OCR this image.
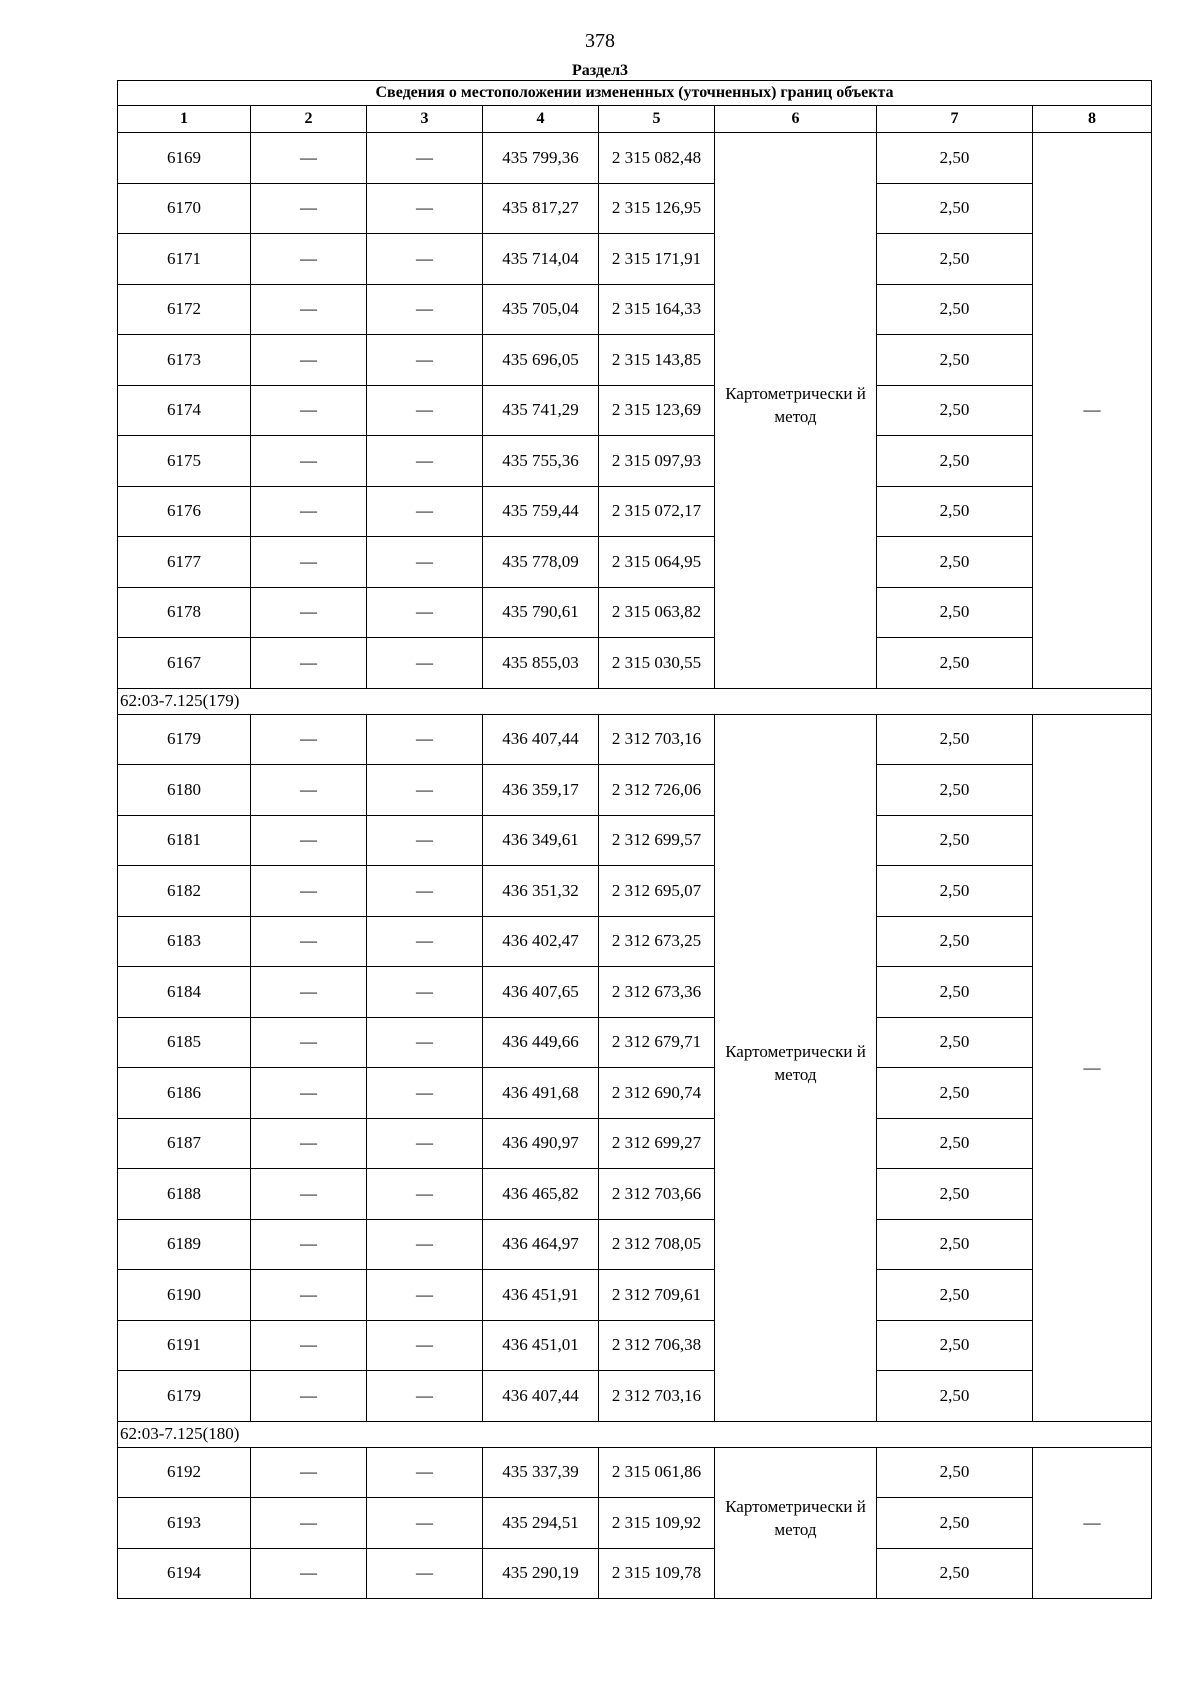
378
Раздел3
Сведения о местоположении измененных (уточненных) границ объекта							
1	2	3	4	5	6	7	8
6169	—	—	435 799,36	2 315 082,48	Картометрически й метод	2,50	—
6170	—	—	435 817,27	2 315 126,95		2,50	
6171	—	—	435 714,04	2 315 171,91		2,50	
6172	—	—	435 705,04	2 315 164,33		2,50	
6173	—	—	435 696,05	2 315 143,85		2,50	
6174	—	—	435 741,29	2 315 123,69		2,50	
6175	—	—	435 755,36	2 315 097,93		2,50	
6176	—	—	435 759,44	2 315 072,17		2,50	
6177	—	—	435 778,09	2 315 064,95		2,50	
6178	—	—	435 790,61	2 315 063,82		2,50	
6167	—	—	435 855,03	2 315 030,55		2,50	
62:03-7.125(179)							
6179	—	—	436 407,44	2 312 703,16	Картометрически й метод	2,50	—
6180	—	—	436 359,17	2 312 726,06		2,50	
6181	—	—	436 349,61	2 312 699,57		2,50	
6182	—	—	436 351,32	2 312 695,07		2,50	
6183	—	—	436 402,47	2 312 673,25		2,50	
6184	—	—	436 407,65	2 312 673,36		2,50	
6185	—	—	436 449,66	2 312 679,71		2,50	
6186	—	—	436 491,68	2 312 690,74		2,50	
6187	—	—	436 490,97	2 312 699,27		2,50	
6188	—	—	436 465,82	2 312 703,66		2,50	
6189	—	—	436 464,97	2 312 708,05		2,50	
6190	—	—	436 451,91	2 312 709,61		2,50	
6191	—	—	436 451,01	2 312 706,38		2,50	
6179	—	—	436 407,44	2 312 703,16		2,50	
62:03-7.125(180)							
6192	—	—	435 337,39	2 315 061,86	Картометрически й метод	2,50	—
6193	—	—	435 294,51	2 315 109,92		2,50	
6194	—	—	435 290,19	2 315 109,78		2,50	
